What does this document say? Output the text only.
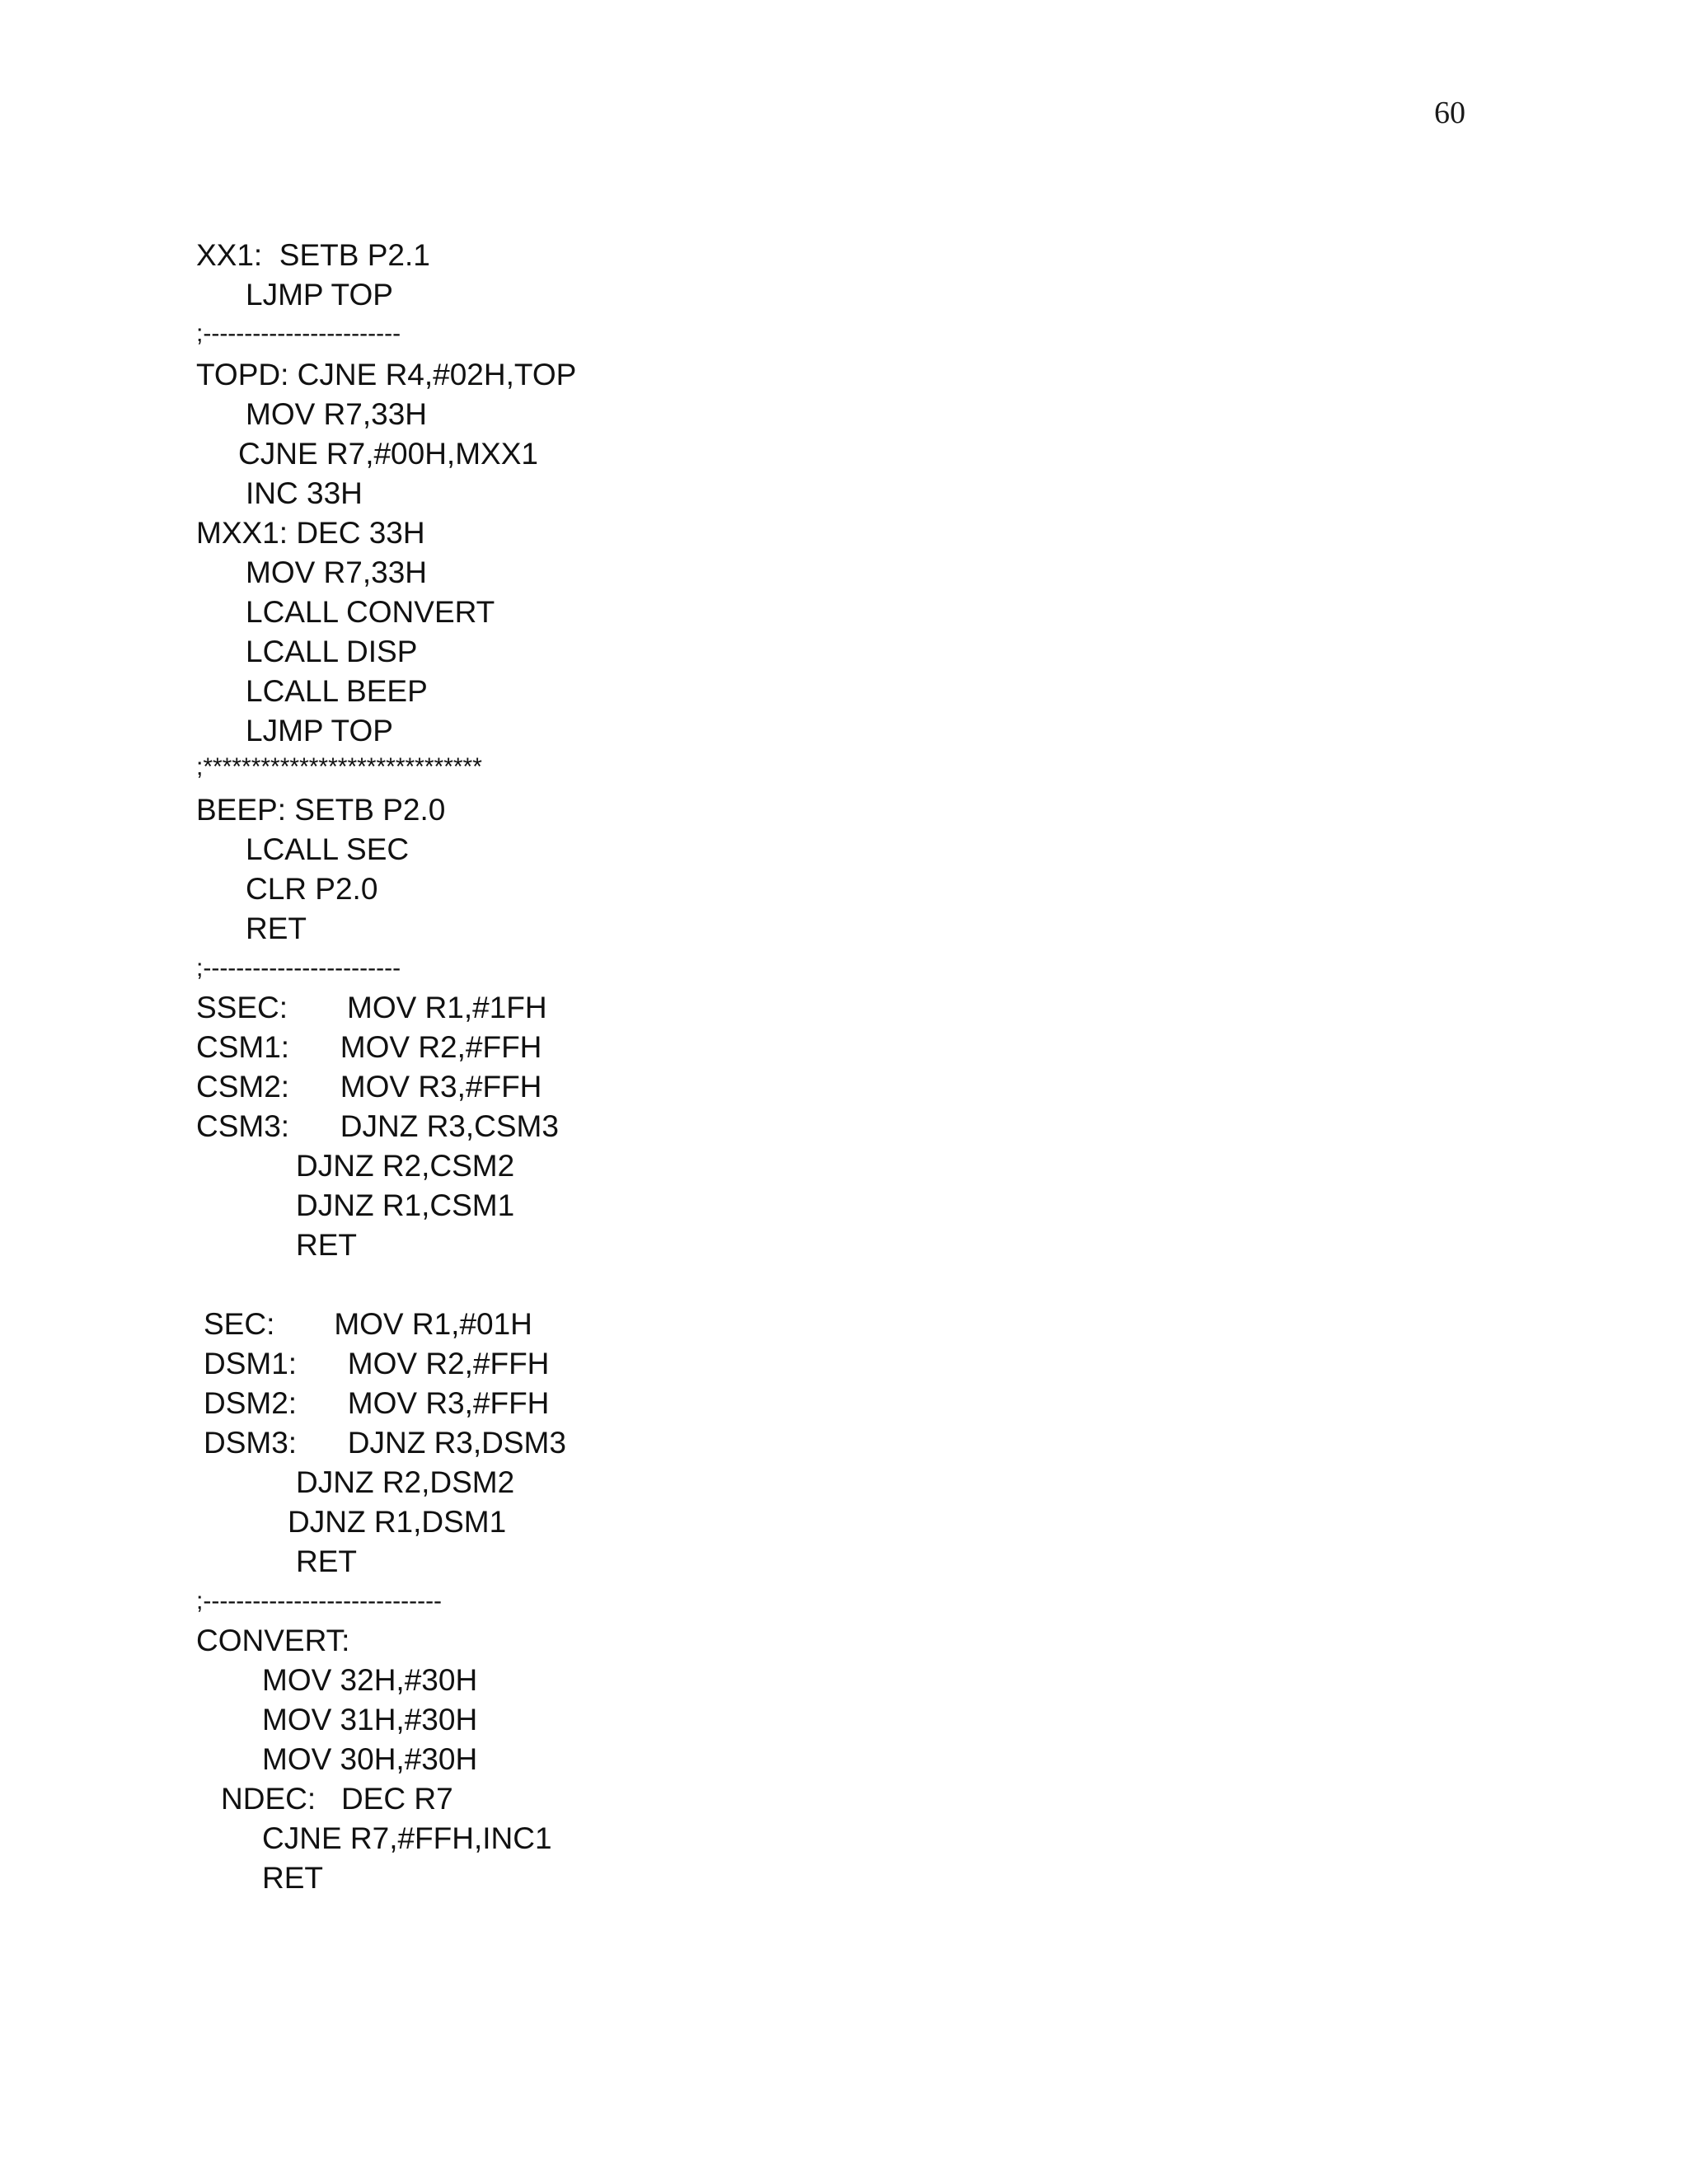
60
XX1:  SETB P2.1
LJMP TOP
;------------------------
TOPD: CJNE R4,#02H,TOP
MOV R7,33H
CJNE R7,#00H,MXX1
INC 33H
MXX1: DEC 33H
MOV R7,33H
LCALL CONVERT
LCALL DISP
LCALL BEEP
LJMP TOP
;*****************************
BEEP: SETB P2.0
LCALL SEC
CLR P2.0
RET
;------------------------
SSEC:       MOV R1,#1FH
CSM1:      MOV R2,#FFH
CSM2:      MOV R3,#FFH
CSM3:      DJNZ R3,CSM3
DJNZ R2,CSM2
DJNZ R1,CSM1
RET
SEC:       MOV R1,#01H
DSM1:      MOV R2,#FFH
DSM2:      MOV R3,#FFH
DSM3:      DJNZ R3,DSM3
DJNZ R2,DSM2
DJNZ R1,DSM1
RET
;-----------------------------
CONVERT:
MOV 32H,#30H
MOV 31H,#30H
MOV 30H,#30H
NDEC:   DEC R7
CJNE R7,#FFH,INC1
RET
